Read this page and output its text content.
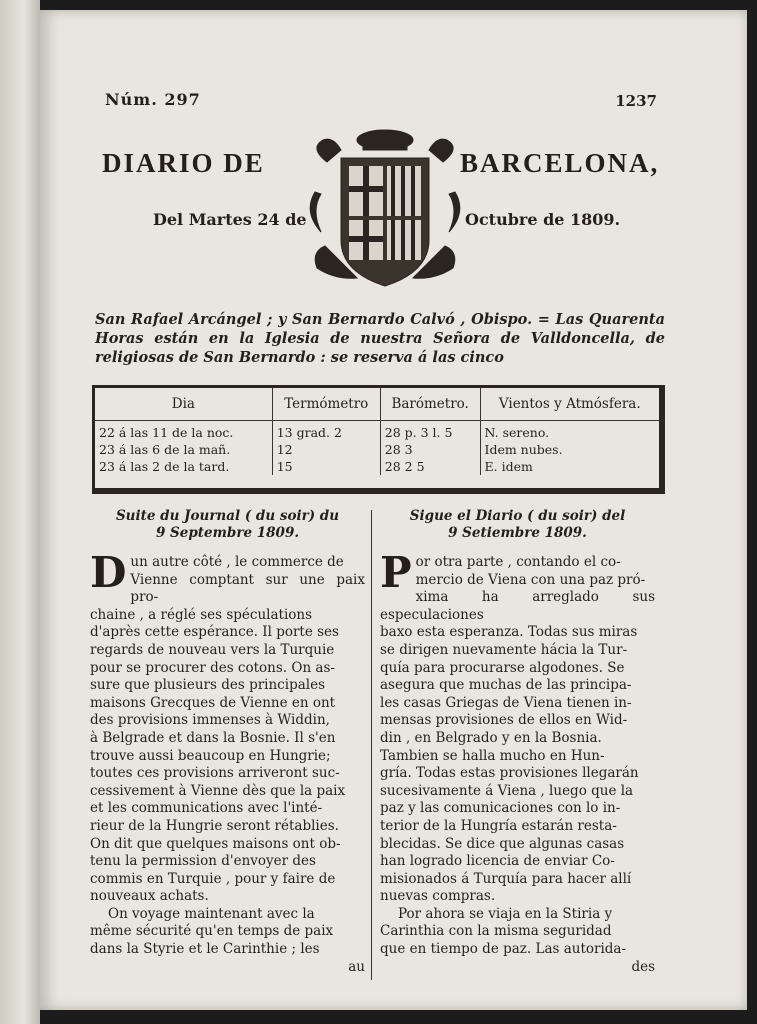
Núm. 297	1237
DIARIO DE	BARCELONA,
Del Martes 24 de	Octubre de 1809.
San Rafael Arcángel ; y San Bernardo Calvó , Obispo. = Las Quarenta Horas están en la Iglesia de nuestra Señora de Valldoncella, de religiosas de San Bernardo : se reserva á las cinco
Dia	Termómetro	Barómetro.	Vientos y Atmósfera.
22 á las 11 de la noc.	13 grad. 2	28 p. 3 l. 5	N. sereno.
23 á las 6 de la mañ.	12	28 3	Idem nubes.
23 á las 2 de la tard.	15	28 2 5	E. idem
Suite du Journal ( du soir) du
9 Septembre 1809.
D un autre côté , le commerce de
Vienne comptant sur une paix pro-
chaine , a réglé ses spéculations
d'après cette espérance. Il porte ses
regards de nouveau vers la Turquie
pour se procurer des cotons. On as-
sure que plusieurs des principales
maisons Grecques de Vienne en ont
des provisions immenses à Widdin,
à Belgrade et dans la Bosnie. Il s'en
trouve aussi beaucoup en Hungrie;
toutes ces provisions arriveront suc-
cessivement à Vienne dès que la paix
et les communications avec l'inté-
rieur de la Hungrie seront rétablies.
On dit que quelques maisons ont ob-
tenu la permission d'envoyer des
commis en Turquie , pour y faire de
nouveaux achats.
On voyage maintenant avec la
même sécurité qu'en temps de paix
dans la Styrie et le Carinthie ; les
au
Sigue el Diario ( du soir) del
9 Setiembre 1809.
P or otra parte , contando el co-
mercio de Viena con una paz pró-
xima ha arreglado sus especulaciones
baxo esta esperanza. Todas sus miras
se dirigen nuevamente hácia la Tur-
quía para procurarse algodones. Se
asegura que muchas de las principa-
les casas Griegas de Viena tienen in-
mensas provisiones de ellos en Wid-
din , en Belgrado y en la Bosnia.
Tambien se halla mucho en Hun-
gría. Todas estas provisiones llegarán
sucesivamente á Viena , luego que la
paz y las comunicaciones con lo in-
terior de la Hungría estarán resta-
blecidas. Se dice que algunas casas
han logrado licencia de enviar Co-
misionados á Turquía para hacer allí
nuevas compras.
Por ahora se viaja en la Stiria y
Carinthia con la misma seguridad
que en tiempo de paz. Las autorida-
des
